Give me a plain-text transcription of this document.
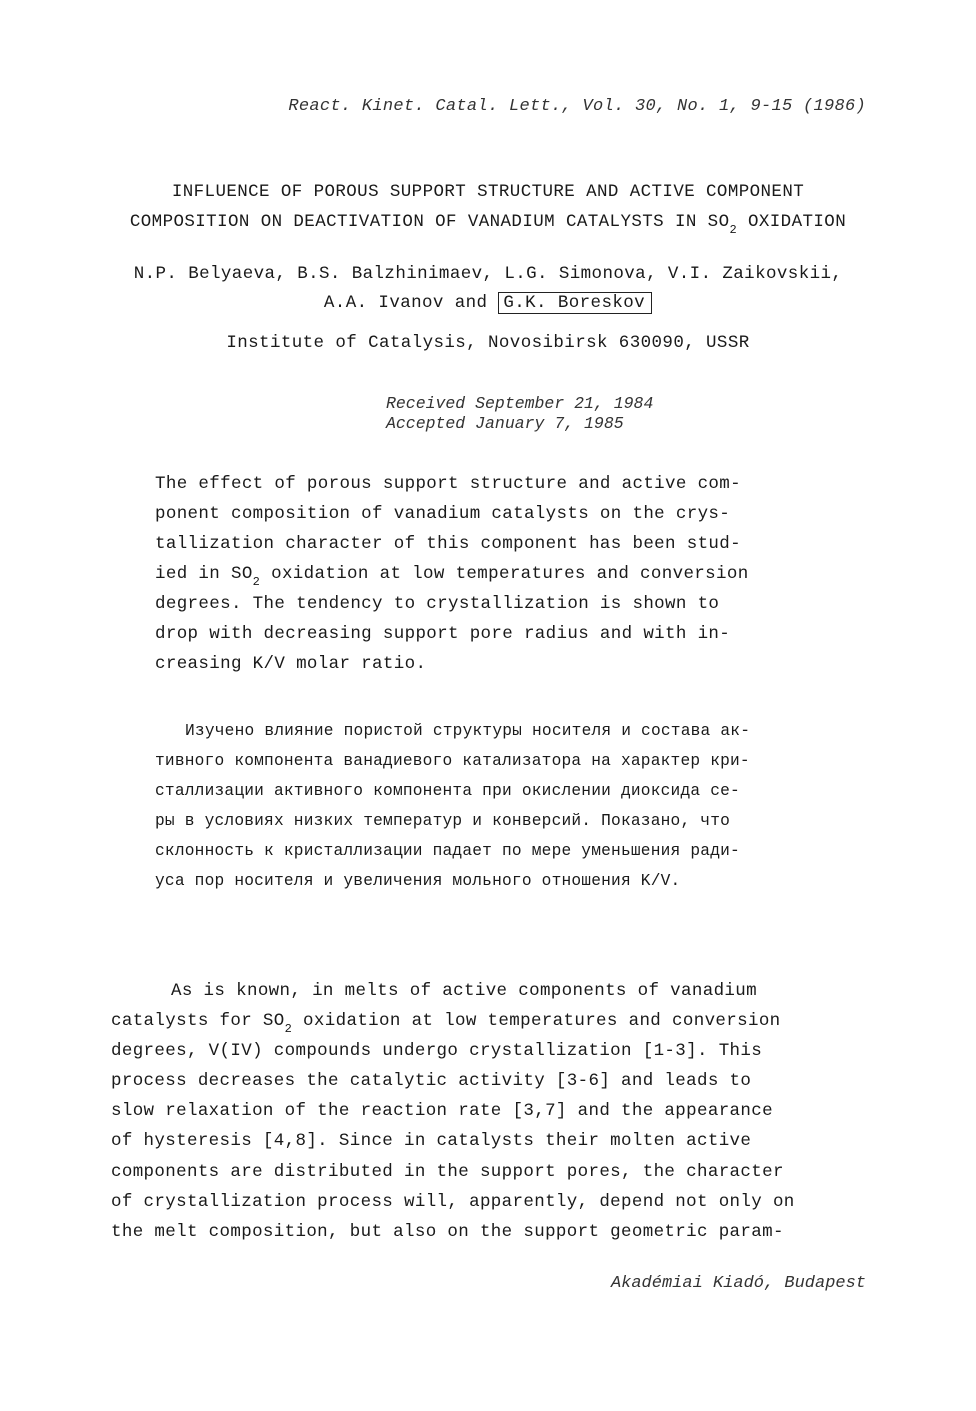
React. Kinet. Catal. Lett., Vol. 30, No. 1, 9-15 (1986)
INFLUENCE OF POROUS SUPPORT STRUCTURE AND ACTIVE COMPONENT
COMPOSITION ON DEACTIVATION OF VANADIUM CATALYSTS IN $SO_2$ OXIDATION
N.P. Belyaeva, B.S. Balzhinimaev, L.G. Simonova, V.I. Zaikovskii,
A.A. Ivanov and G.K. Boreskov
Institute of Catalysis, Novosibirsk 630090, USSR
Received September 21, 1984
Accepted January 7, 1985
The effect of porous support structure and active com-
ponent composition of vanadium catalysts on the crys-
tallization character of this component has been stud-
ied in $SO_2$ oxidation at low temperatures and conversion
degrees. The tendency to crystallization is shown to
drop with decreasing support pore radius and with in-
creasing K/V molar ratio.
Изучено влияние пористой структуры носителя и состава ак-
тивного компонента ванадиевого катализатора на характер кри-
сталлизации активного компонента при окислении диоксида се-
ры в условиях низких температур и конверсий. Показано, что
склонность к кристаллизации падает по мере уменьшения ради-
уса пор носителя и увеличения мольного отношения K/V.
As is known, in melts of active components of vanadium
catalysts for $SO_2$ oxidation at low temperatures and conversion
degrees, V(IV) compounds undergo crystallization [1-3]. This
process decreases the catalytic activity [3-6] and leads to
slow relaxation of the reaction rate [3,7] and the appearance
of hysteresis [4,8]. Since in catalysts their molten active
components are distributed in the support pores, the character
of crystallization process will, apparently, depend not only on
the melt composition, but also on the support geometric param-
Akadémiai Kiadó, Budapest
